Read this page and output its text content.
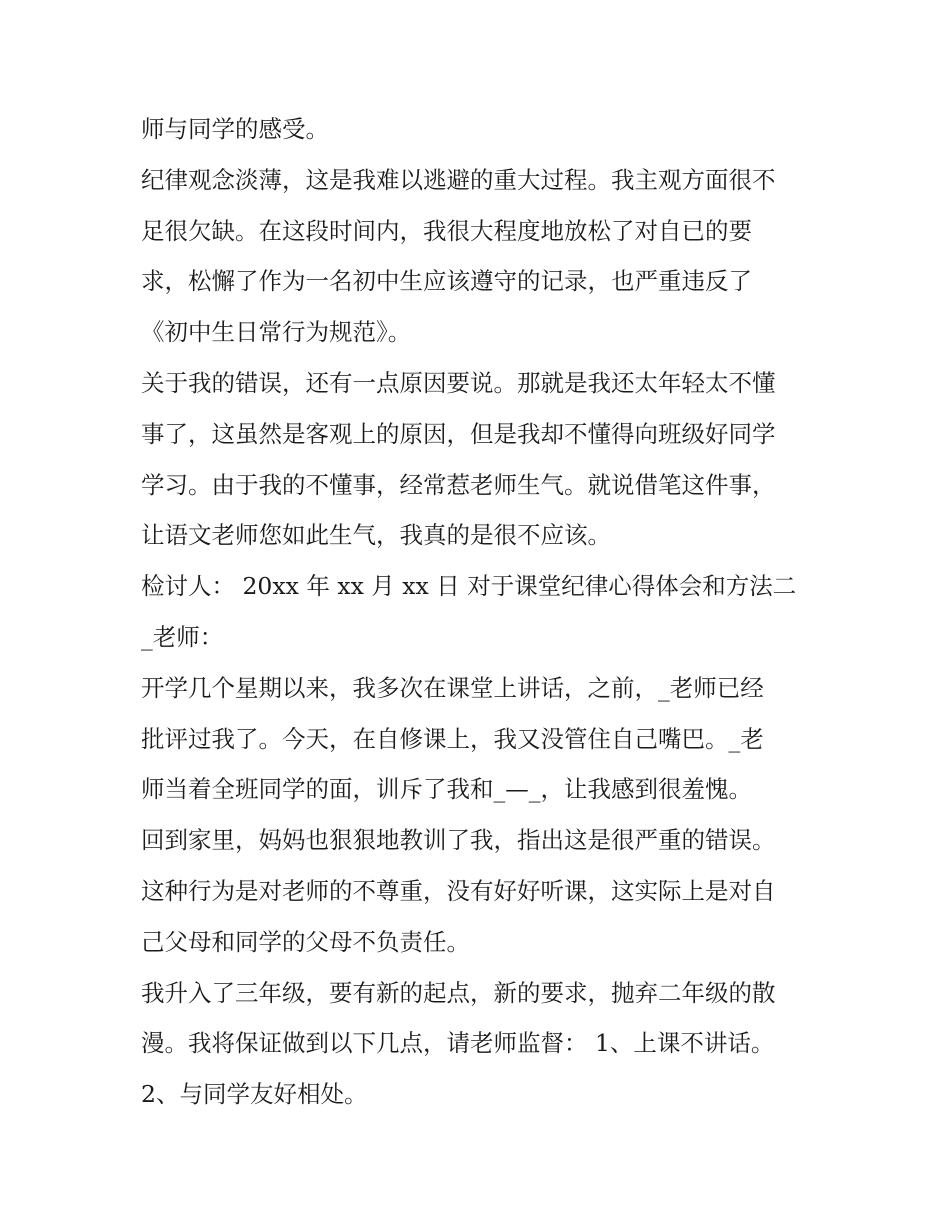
师与同学的感受。
纪律观念淡薄，这是我难以逃避的重大过程。我主观方面很不
足很欠缺。在这段时间内，我很大程度地放松了对自已的要
求，松懈了作为一名初中生应该遵守的记录，也严重违反了
《初中生日常行为规范》。
关于我的错误，还有一点原因要说。那就是我还太年轻太不懂
事了，这虽然是客观上的原因，但是我却不懂得向班级好同学
学习。由于我的不懂事，经常惹老师生气。就说借笔这件事，
让语文老师您如此生气，我真的是很不应该。
检讨人： 20xx 年 xx 月 xx 日 对于课堂纪律心得体会和方法二
_老师：
开学几个星期以来，我多次在课堂上讲话，之前，_老师已经
批评过我了。今天，在自修课上，我又没管住自己嘴巴。_老
师当着全班同学的面，训斥了我和_—_，让我感到很羞愧。
回到家里，妈妈也狠狠地教训了我，指出这是很严重的错误。
这种行为是对老师的不尊重，没有好好听课，这实际上是对自
己父母和同学的父母不负责任。
我升入了三年级，要有新的起点，新的要求，抛弃二年级的散
漫。我将保证做到以下几点，请老师监督： 1、上课不讲话。
2、与同学友好相处。
